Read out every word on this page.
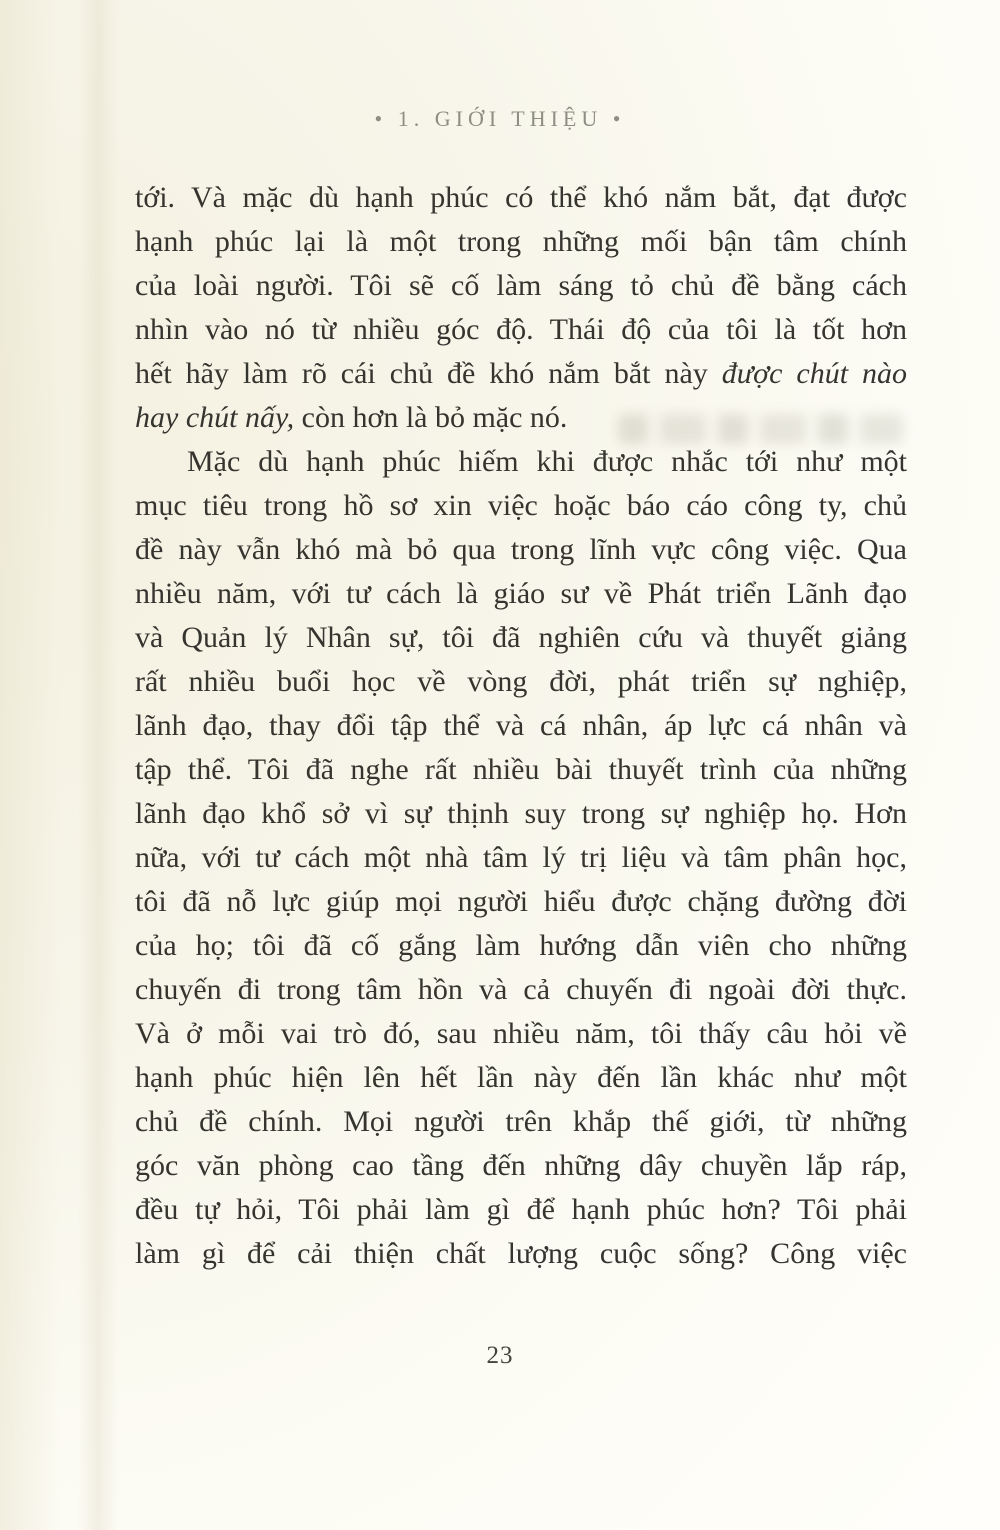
• 1. GIỚI THIỆU •
tới. Và mặc dù hạnh phúc có thể khó nắm bắt, đạt được
hạnh phúc lại là một trong những mối bận tâm chính
của loài người. Tôi sẽ cố làm sáng tỏ chủ đề bằng cách
nhìn vào nó từ nhiều góc độ. Thái độ của tôi là tốt hơn
hết hãy làm rõ cái chủ đề khó nắm bắt này được chút nào
hay chút nấy, còn hơn là bỏ mặc nó.
Mặc dù hạnh phúc hiếm khi được nhắc tới như một
mục tiêu trong hồ sơ xin việc hoặc báo cáo công ty, chủ
đề này vẫn khó mà bỏ qua trong lĩnh vực công việc. Qua
nhiều năm, với tư cách là giáo sư về Phát triển Lãnh đạo
và Quản lý Nhân sự, tôi đã nghiên cứu và thuyết giảng
rất nhiều buổi học về vòng đời, phát triển sự nghiệp,
lãnh đạo, thay đổi tập thể và cá nhân, áp lực cá nhân và
tập thể. Tôi đã nghe rất nhiều bài thuyết trình của những
lãnh đạo khổ sở vì sự thịnh suy trong sự nghiệp họ. Hơn
nữa, với tư cách một nhà tâm lý trị liệu và tâm phân học,
tôi đã nỗ lực giúp mọi người hiểu được chặng đường đời
của họ; tôi đã cố gắng làm hướng dẫn viên cho những
chuyến đi trong tâm hồn và cả chuyến đi ngoài đời thực.
Và ở mỗi vai trò đó, sau nhiều năm, tôi thấy câu hỏi về
hạnh phúc hiện lên hết lần này đến lần khác như một
chủ đề chính. Mọi người trên khắp thế giới, từ những
góc văn phòng cao tầng đến những dây chuyền lắp ráp,
đều tự hỏi, Tôi phải làm gì để hạnh phúc hơn? Tôi phải
làm gì để cải thiện chất lượng cuộc sống? Công việc
23
